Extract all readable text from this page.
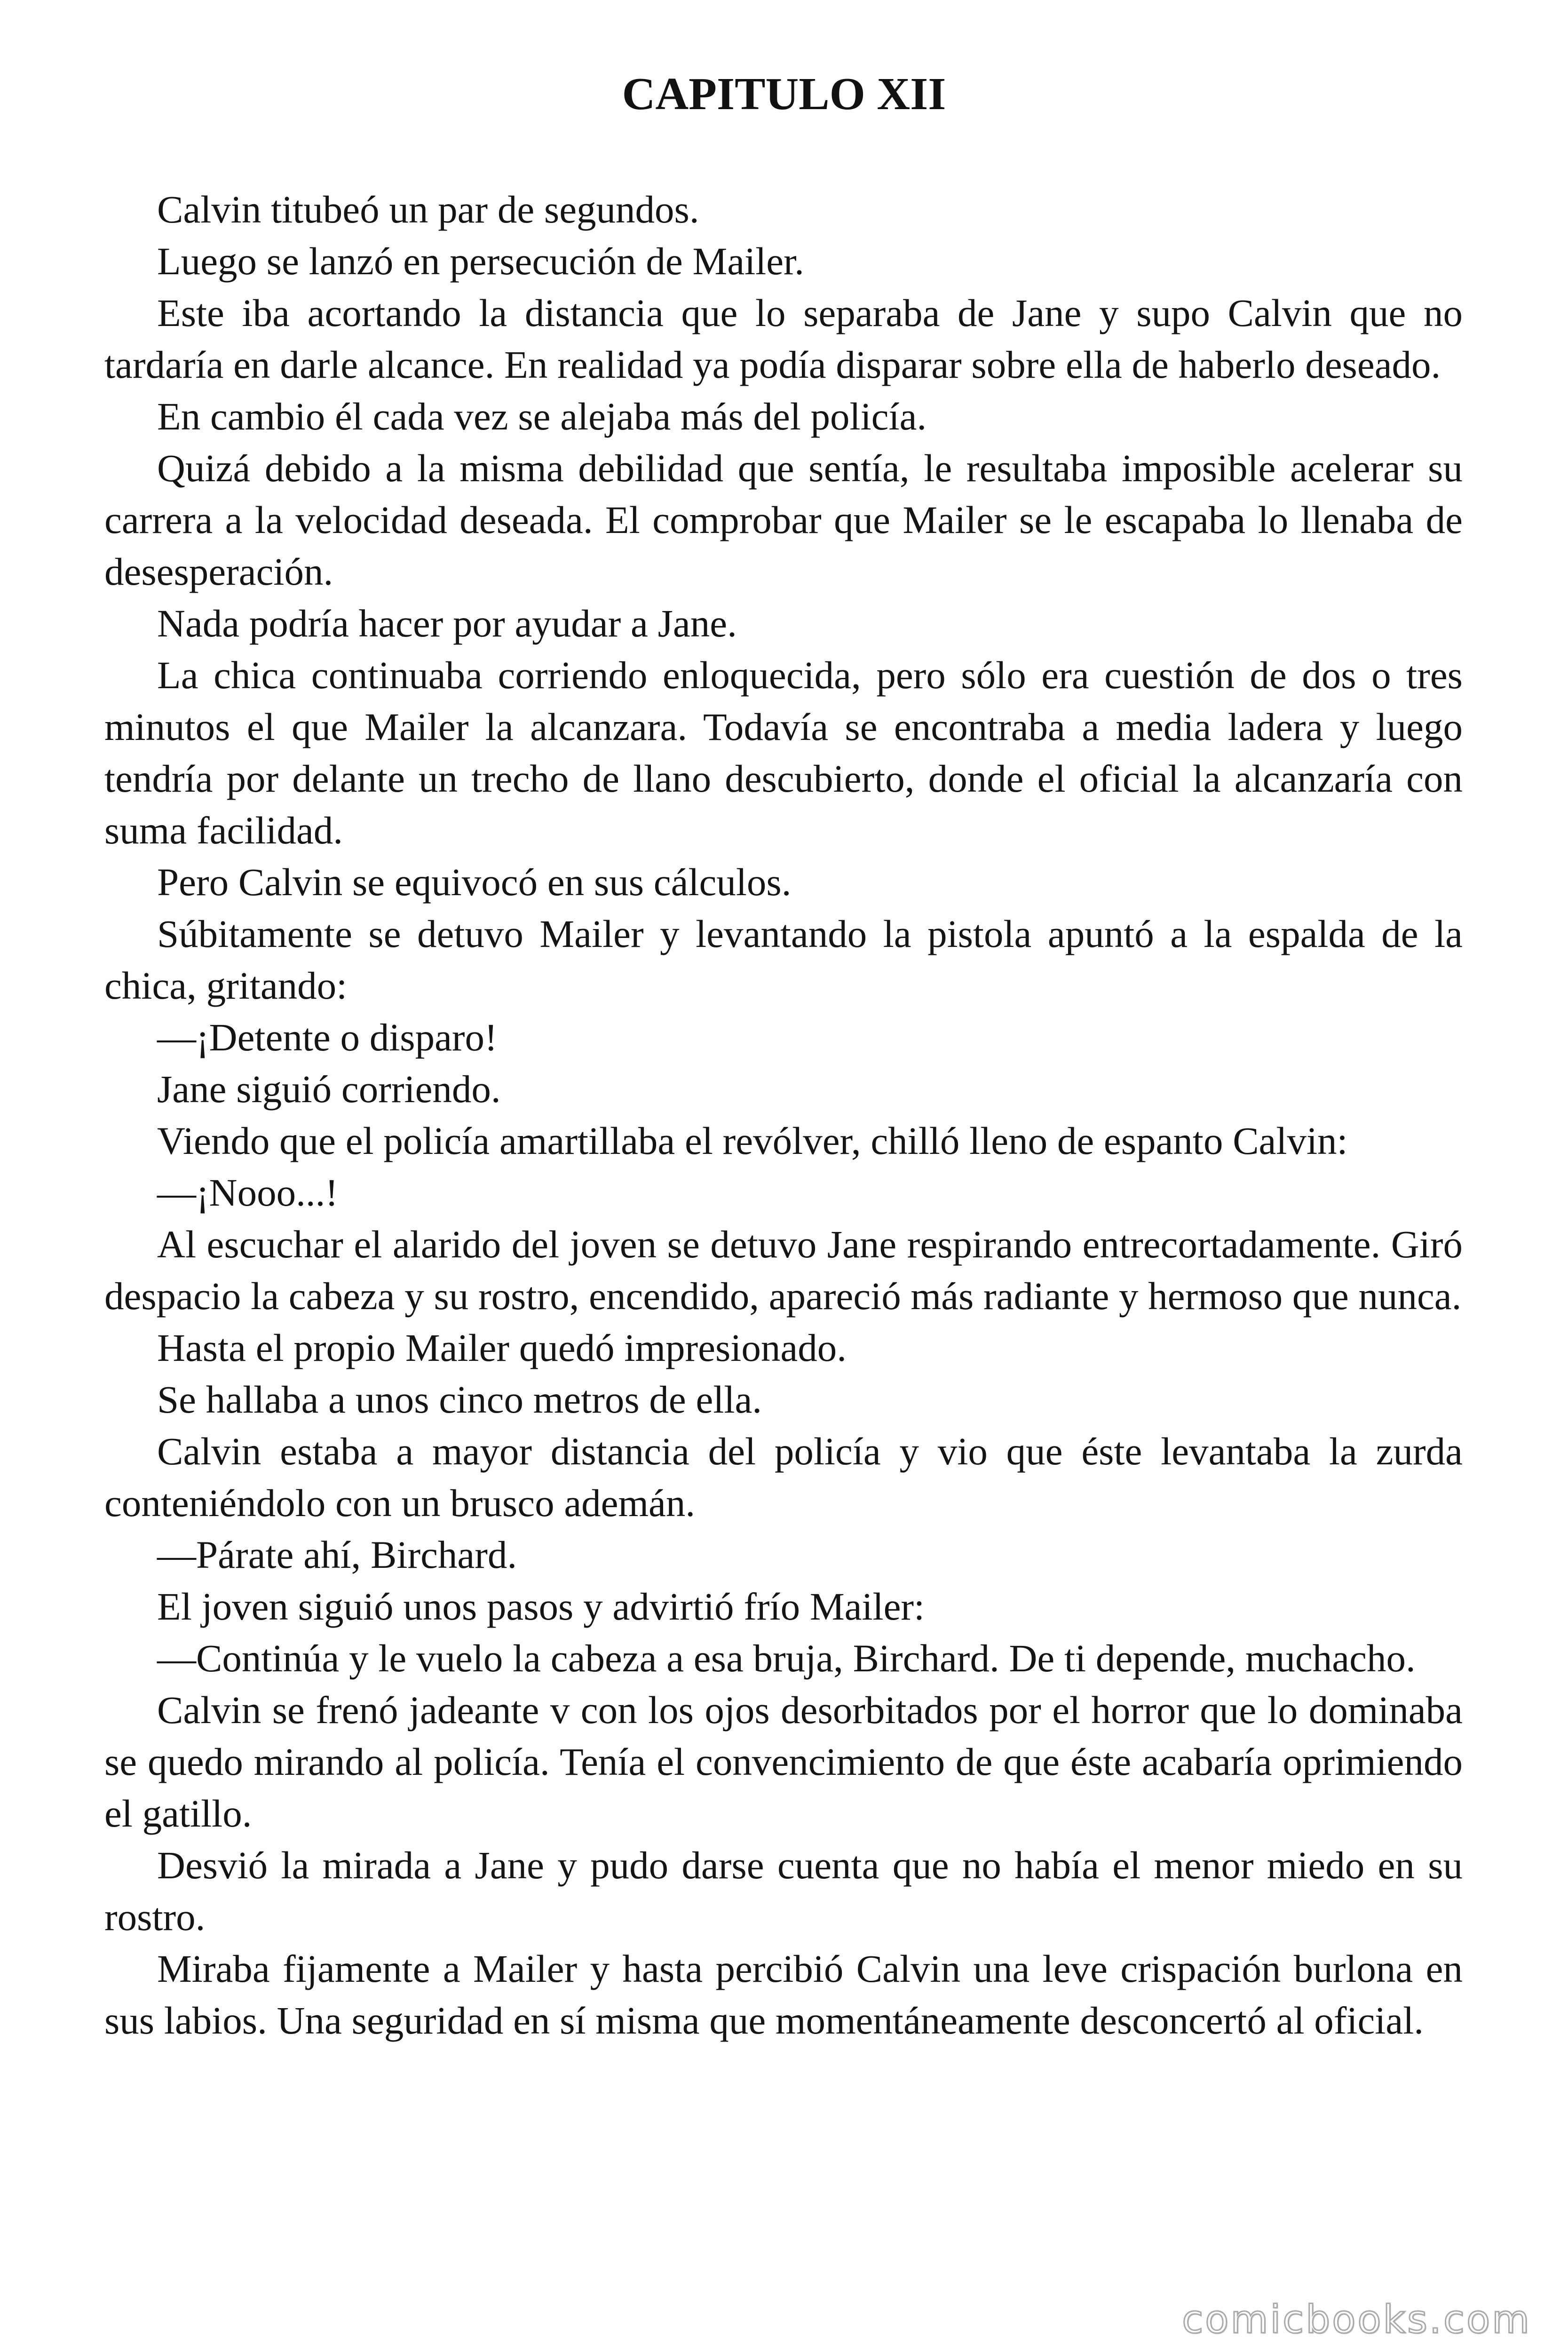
CAPITULO XII

Calvin titubeó un par de segundos.

Luego se lanzó en persecución de Mailer.

Este iba acortando la distancia que lo separaba de Jane y supo Calvin que no tardaría en darle alcance. En realidad ya podía disparar sobre ella de haberlo deseado.

En cambio él cada vez se alejaba más del policía.

Quizá debido a la misma debilidad que sentía, le resultaba imposible acelerar su carrera a la velocidad deseada. El comprobar que Mailer se le escapaba lo llenaba de desesperación.

Nada podría hacer por ayudar a Jane.

La chica continuaba corriendo enloquecida, pero sólo era cuestión de dos o tres minutos el que Mailer la alcanzara. Todavía se encontraba a media ladera y luego tendría por delante un trecho de llano descubierto, donde el oficial la alcanzaría con suma facilidad.

Pero Calvin se equivocó en sus cálculos.

Súbitamente se detuvo Mailer y levantando la pistola apuntó a la espalda de la chica, gritando:

—¡Detente o disparo!

Jane siguió corriendo.

Viendo que el policía amartillaba el revólver, chilló lleno de espanto Calvin:

—¡Nooo...!

Al escuchar el alarido del joven se detuvo Jane respirando entrecortadamente. Giró despacio la cabeza y su rostro, encendido, apareció más radiante y hermoso que nunca.

Hasta el propio Mailer quedó impresionado.

Se hallaba a unos cinco metros de ella.

Calvin estaba a mayor distancia del policía y vio que éste levantaba la zurda conteniéndolo con un brusco ademán.

—Párate ahí, Birchard.

El joven siguió unos pasos y advirtió frío Mailer:

—Continúa y le vuelo la cabeza a esa bruja, Birchard. De ti depende, muchacho.

Calvin se frenó jadeante v con los ojos desorbitados por el horror que lo dominaba se quedo mirando al policía. Tenía el convencimiento de que éste acabaría oprimiendo el gatillo.

Desvió la mirada a Jane y pudo darse cuenta que no había el menor miedo en su rostro.

Miraba fijamente a Mailer y hasta percibió Calvin una leve crispación burlona en sus labios. Una seguridad en sí misma que momentáneamente desconcertó al oficial.

comicbooks.com
